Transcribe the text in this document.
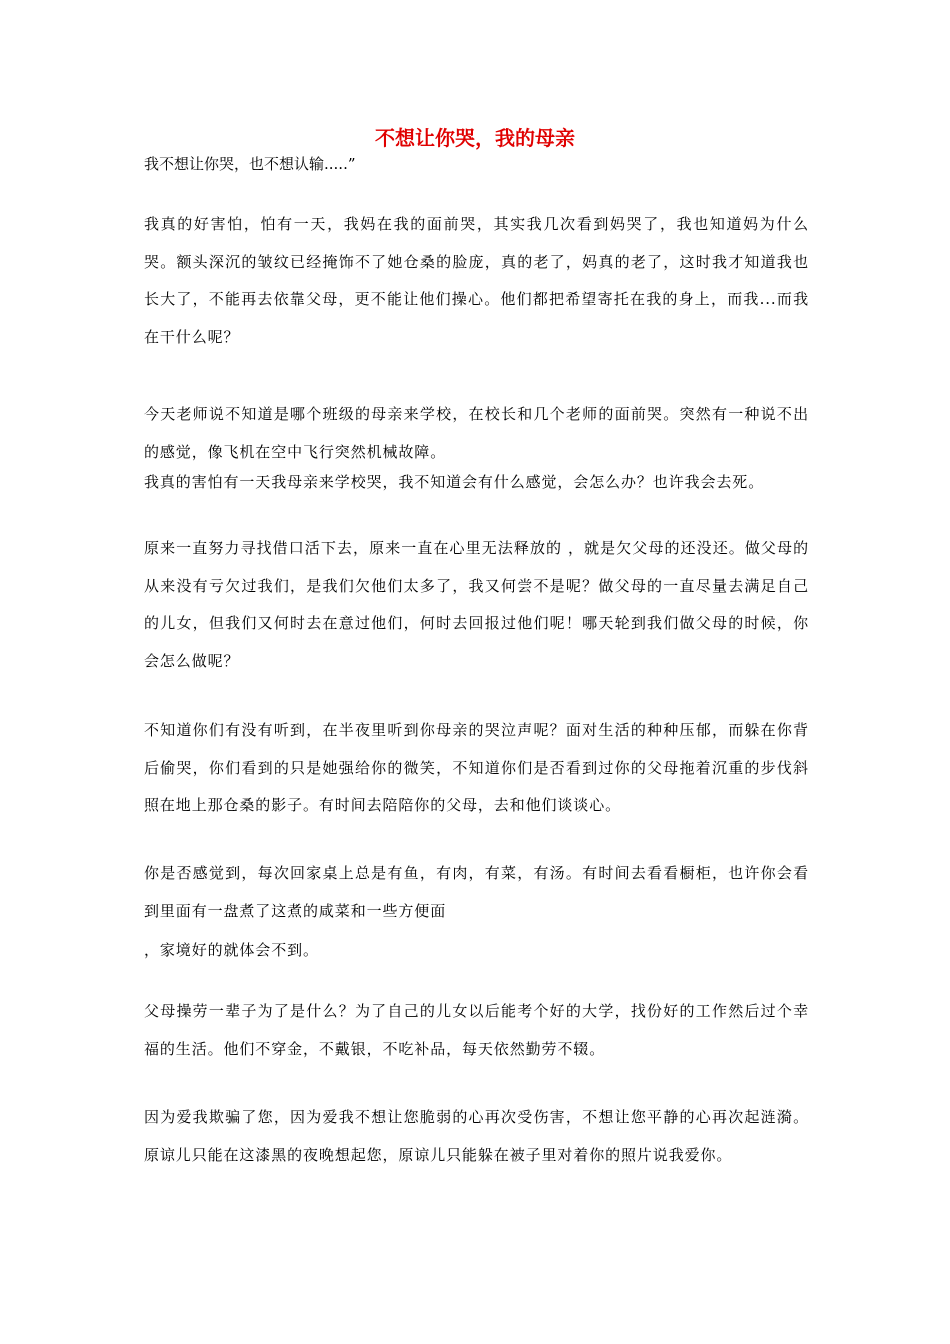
不想让你哭，我的母亲

我不想让你哭，也不想认输.....”

我真的好害怕，怕有一天，我妈在我的面前哭，其实我几次看到妈哭了，我也知道妈为什么哭。额头深沉的皱纹已经掩饰不了她仓桑的脸庞，真的老了，妈真的老了，这时我才知道我也长大了，不能再去依靠父母，更不能让他们操心。他们都把希望寄托在我的身上，而我...而我在干什么呢？

今天老师说不知道是哪个班级的母亲来学校，在校长和几个老师的面前哭。突然有一种说不出的感觉，像飞机在空中飞行突然机械故障。

我真的害怕有一天我母亲来学校哭，我不知道会有什么感觉，会怎么办？也许我会去死。

原来一直努力寻找借口活下去，原来一直在心里无法释放的 ，就是欠父母的还没还。做父母的从来没有亏欠过我们，是我们欠他们太多了，我又何尝不是呢？做父母的一直尽量去满足自己的儿女，但我们又何时去在意过他们，何时去回报过他们呢！哪天轮到我们做父母的时候，你会怎么做呢？

不知道你们有没有听到，在半夜里听到你母亲的哭泣声呢？面对生活的种种压郁，而躲在你背后偷哭，你们看到的只是她强给你的微笑，不知道你们是否看到过你的父母拖着沉重的步伐斜照在地上那仓桑的影子。有时间去陪陪你的父母，去和他们谈谈心。

你是否感觉到，每次回家桌上总是有鱼，有肉，有菜，有汤。有时间去看看橱柜，也许你会看到里面有一盘煮了这煮的咸菜和一些方便面

，家境好的就体会不到。

父母操劳一辈子为了是什么？为了自己的儿女以后能考个好的大学，找份好的工作然后过个幸福的生活。他们不穿金，不戴银，不吃补品，每天依然勤劳不辍。

因为爱我欺骗了您，因为爱我不想让您脆弱的心再次受伤害，不想让您平静的心再次起涟漪。原谅儿只能在这漆黑的夜晚想起您，原谅儿只能躲在被子里对着你的照片说我爱你。
